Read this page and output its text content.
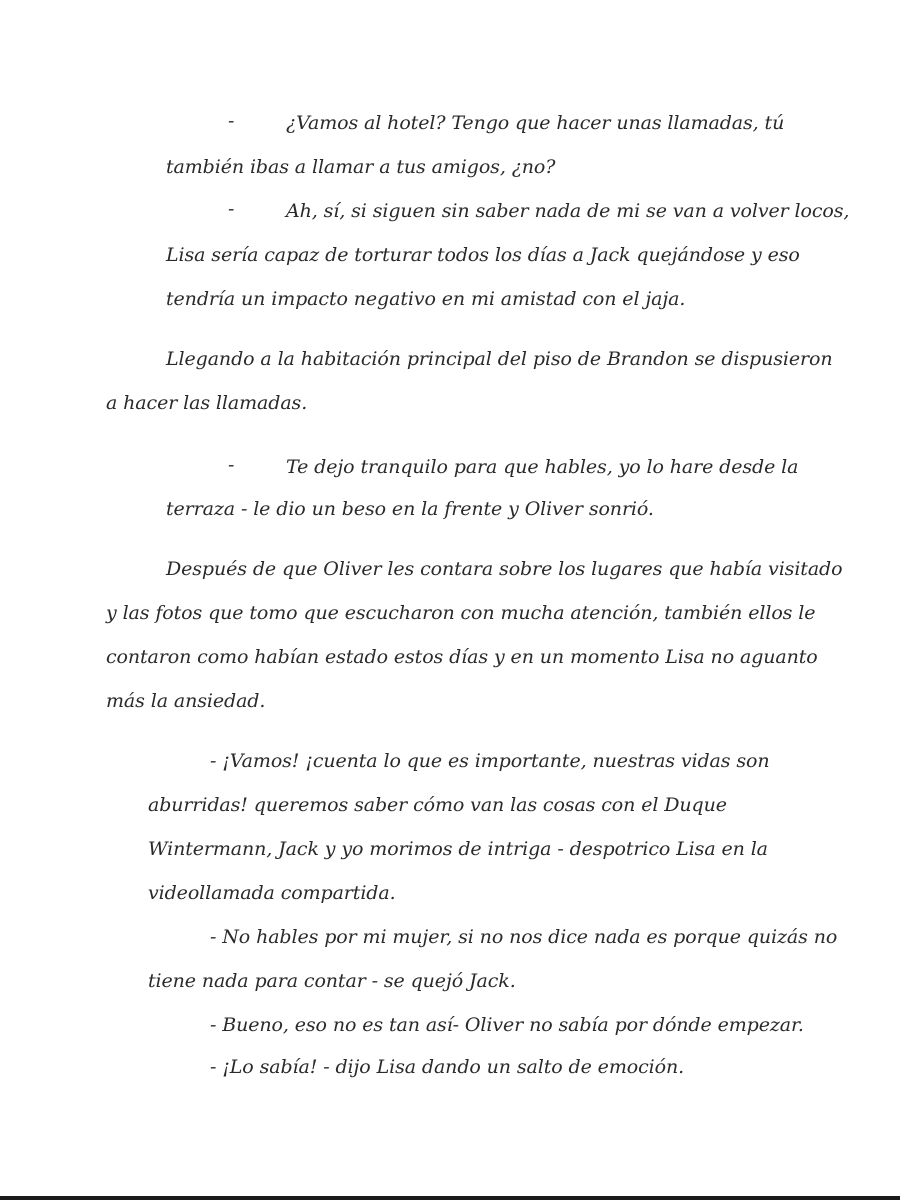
-	¿Vamos al hotel? Tengo que hacer unas llamadas, tú
también ibas a llamar a tus amigos, ¿no?
-	Ah, sí, si siguen sin saber nada de mi se van a volver locos,
Lisa sería capaz de torturar todos los días a Jack quejándose y eso
tendría un impacto negativo en mi amistad con el jaja.
Llegando a la habitación principal del piso de Brandon se dispusieron
a hacer las llamadas.
-	Te dejo tranquilo para que hables, yo lo hare desde la
terraza - le dio un beso en la frente y Oliver sonrió.
Después de que Oliver les contara sobre los lugares que había visitado
y las fotos que tomo que escucharon con mucha atención, también ellos le
contaron como habían estado estos días y en un momento Lisa no aguanto
más la ansiedad.
- ¡Vamos! ¡cuenta lo que es importante, nuestras vidas son
aburridas! queremos saber cómo van las cosas con el Duque
Wintermann, Jack y yo morimos de intriga - despotrico Lisa en la
videollamada compartida.
- No hables por mi mujer, si no nos dice nada es porque quizás no
tiene nada para contar - se quejó Jack.
- Bueno, eso no es tan así- Oliver no sabía por dónde empezar.
- ¡Lo sabía! - dijo Lisa dando un salto de emoción.
